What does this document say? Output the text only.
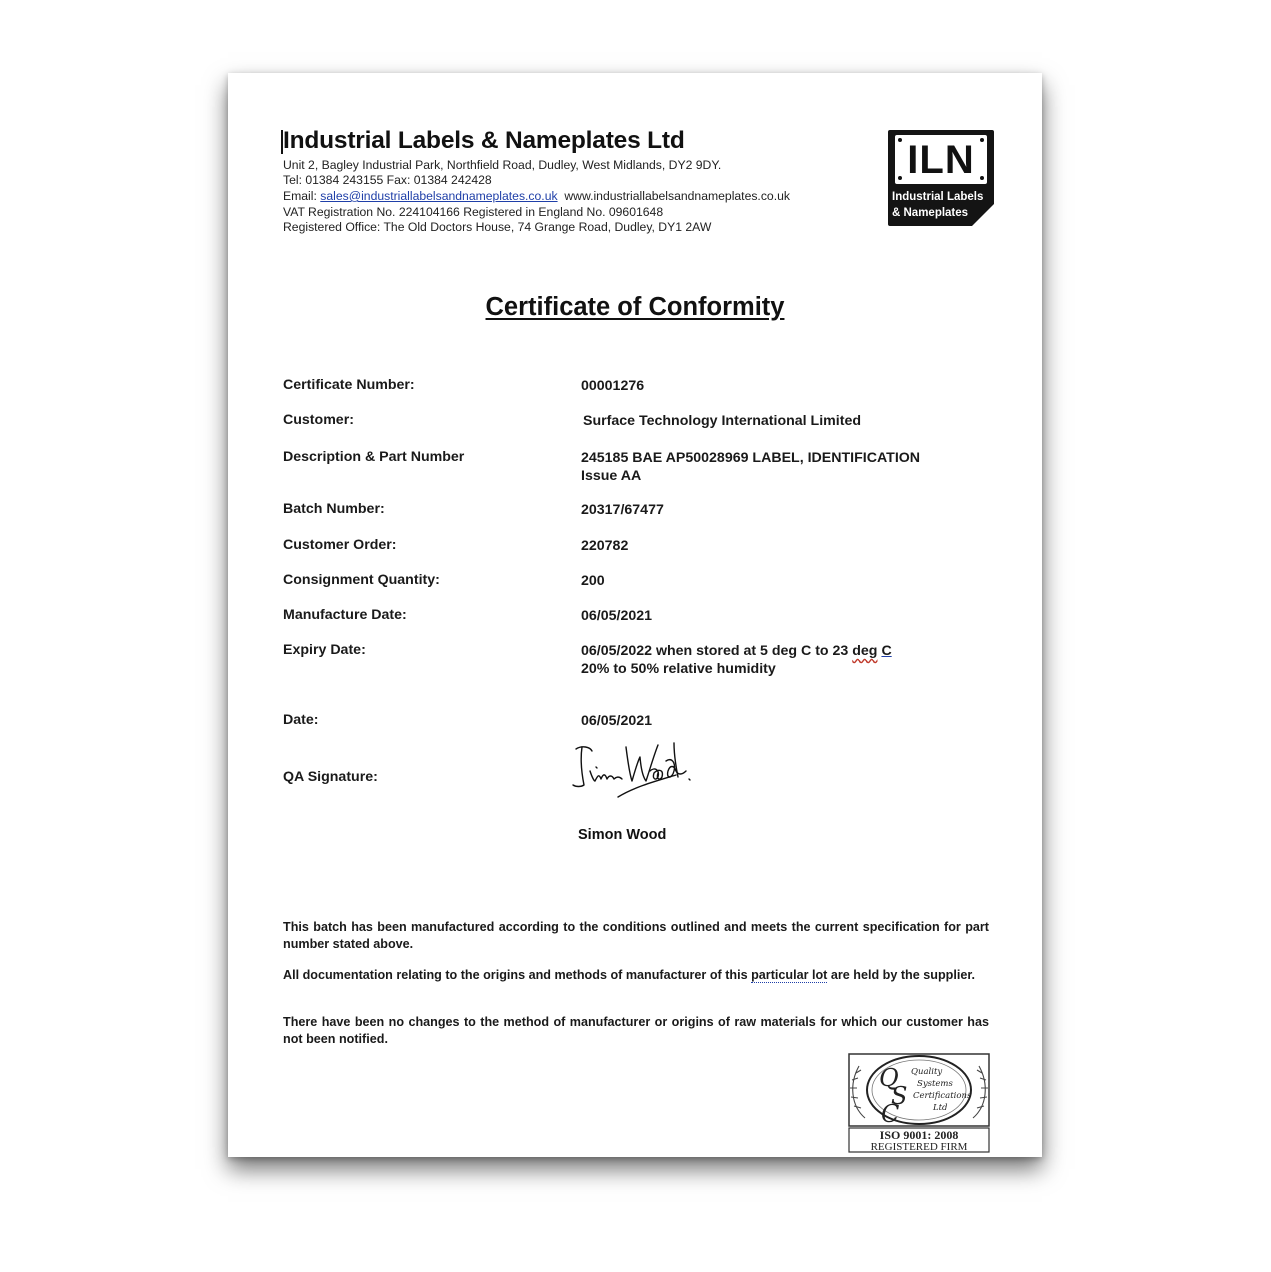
Industrial Labels & Nameplates Ltd
Unit 2, Bagley Industrial Park, Northfield Road, Dudley, West Midlands, DY2 9DY.
Tel: 01384 243155 Fax: 01384 242428
Email: sales@industriallabelsandnameplates.co.uk www.industriallabelsandnameplates.co.uk
VAT Registration No. 224104166 Registered in England No. 09601648
Registered Office: The Old Doctors House, 74 Grange Road, Dudley, DY1 2AW
ILN
Industrial Labels
& Nameplates
Certificate of Conformity
Certificate Number:	00001276
Customer:	Surface Technology International Limited
Description & Part Number	245185 BAE AP50028969 LABEL, IDENTIFICATION
Issue AA
Batch Number:	20317/67477
Customer Order:	220782
Consignment Quantity:	200
Manufacture Date:	06/05/2021
Expiry Date:	06/05/2022 when stored at 5 deg C to 23 deg C
20% to 50% relative humidity
Date:	06/05/2021
QA Signature:
Simon Wood
This batch has been manufactured according to the conditions outlined and meets the current specification for part number stated above.
All documentation relating to the origins and methods of manufacturer of this particular lot are held by the supplier.
There have been no changes to the method of manufacturer or origins of raw materials for which our customer has not been notified.
Q
S
C
Quality
Systems
Certifications
Ltd
ISO 9001: 2008
REGISTERED FIRM
